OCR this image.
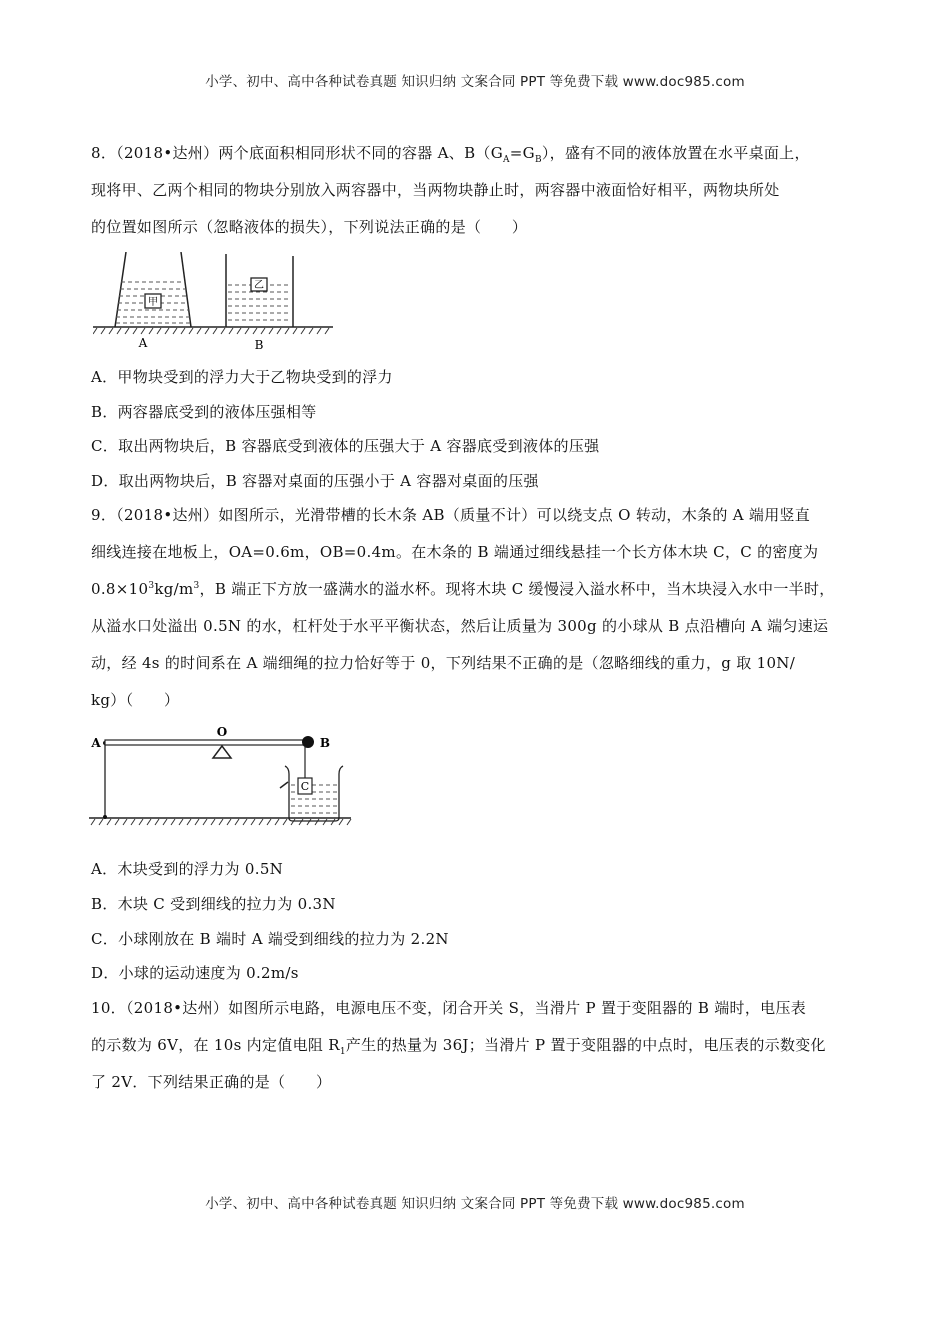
小学、初中、高中各种试卷真题 知识归纳 文案合同 PPT 等免费下载 www.doc985.com
8．（2018•达州）两个底面积相同形状不同的容器 A、$B(G_A=G_B)$，盛有不同的液体放置在水平桌面上，
现将甲、乙两个相同的物块分别放入两容器中，当两物块静止时，两容器中液面恰好相平，两物块所处
的位置如图所示（忽略液体的损失），下列说法正确的是（　　）
甲
A
乙
B
A．甲物块受到的浮力大于乙物块受到的浮力
B．两容器底受到的液体压强相等
C．取出两物块后，B 容器底受到液体的压强大于 A 容器底受到液体的压强
D．取出两物块后，B 容器对桌面的压强小于 A 容器对桌面的压强
9．（2018•达州）如图所示，光滑带槽的长木条 AB（质量不计）可以绕支点 O 转动，木条的 A 端用竖直
细线连接在地板上，OA=0.6m，OB=0.4m。在木条的 B 端通过细线悬挂一个长方体木块 C，C 的密度为
$0.8\times 10^3kg/m^3$，B 端正下方放一盛满水的溢水杯。现将木块 C 缓慢浸入溢水杯中，当木块浸入水中一半时，
从溢水口处溢出 0.5N 的水，杠杆处于水平平衡状态，然后让质量为 300g 的小球从 B 点沿槽向 A 端匀速运
动，经 4s 的时间系在 A 端细绳的拉力恰好等于 0，下列结果不正确的是（忽略细线的重力，g 取 10N/
kg）（　　）
C
A
O
B
A．木块受到的浮力为 0.5N
B．木块 C 受到细线的拉力为 0.3N
C．小球刚放在 B 端时 A 端受到细线的拉力为 2.2N
D．小球的运动速度为 0.2m/s
10．（2018•达州）如图所示电路，电源电压不变，闭合开关 S，当滑片 P 置于变阻器的 B 端时，电压表
的示数为 6V，在 10s 内定值电阻 $R_1$产生的热量为 36J；当滑片 P 置于变阻器的中点时，电压表的示数变化
了 2V．下列结果正确的是（　　）
小学、初中、高中各种试卷真题 知识归纳 文案合同 PPT 等免费下载 www.doc985.com
